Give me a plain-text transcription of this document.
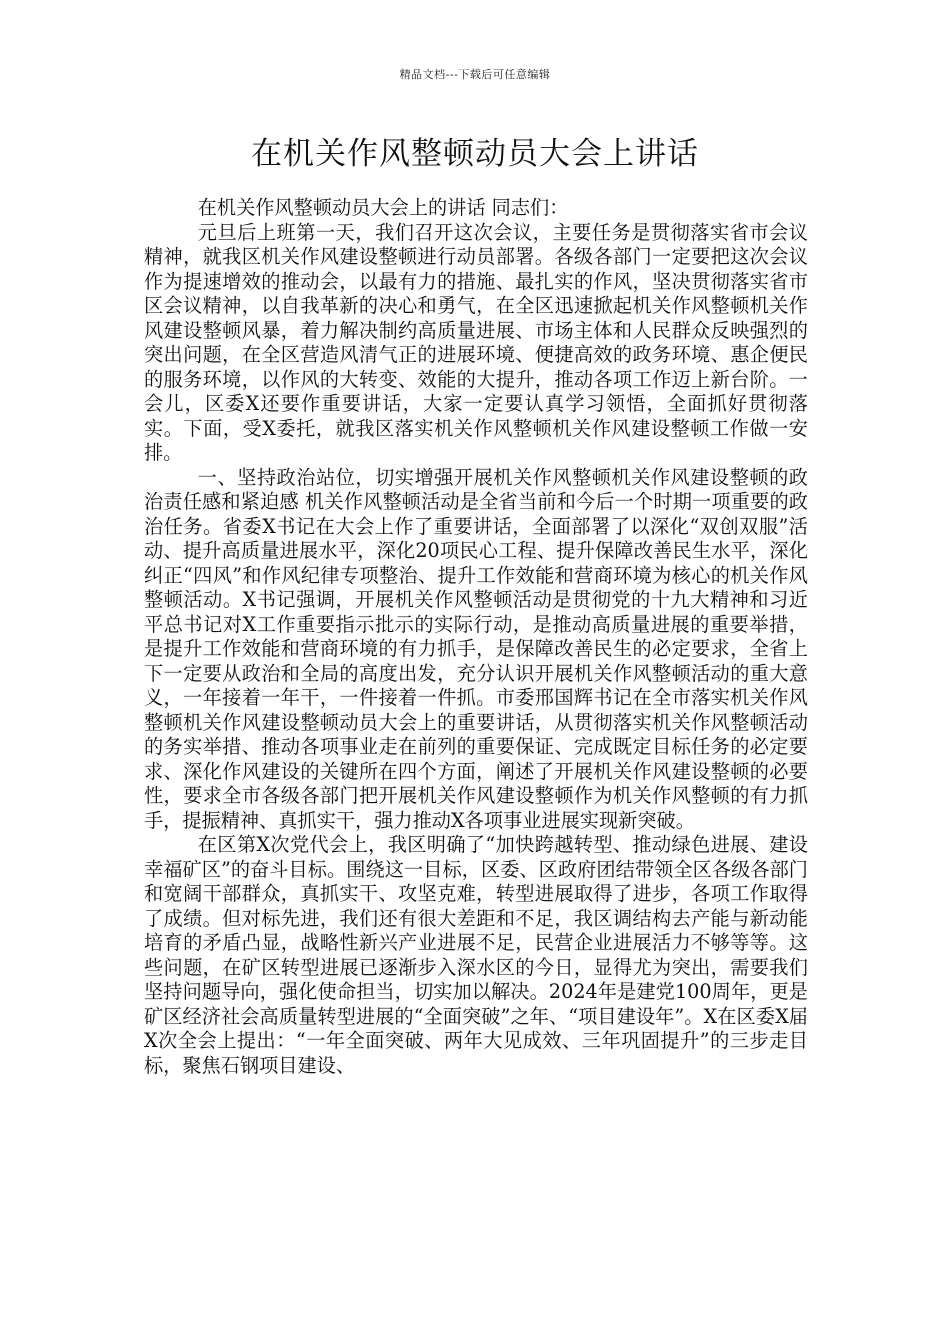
精品文档---下载后可任意编辑
在机关作风整顿动员大会上讲话

在机关作风整顿动员大会上的讲话 同志们：

元旦后上班第一天，我们召开这次会议，主要任务是贯彻落实省市会议精神，就我区机关作风建设整顿进行动员部署。各级各部门一定要把这次会议作为提速增效的推动会，以最有力的措施、最扎实的作风，坚决贯彻落实省市区会议精神，以自我革新的决心和勇气，在全区迅速掀起机关作风整顿机关作风建设整顿风暴，着力解决制约高质量进展、市场主体和人民群众反映强烈的突出问题，在全区营造风清气正的进展环境、便捷高效的政务环境、惠企便民的服务环境，以作风的大转变、效能的大提升，推动各项工作迈上新台阶。一会儿，区委X还要作重要讲话，大家一定要认真学习领悟，全面抓好贯彻落实。下面，受X委托，就我区落实机关作风整顿机关作风建设整顿工作做一安排。

一、坚持政治站位，切实增强开展机关作风整顿机关作风建设整顿的政治责任感和紧迫感 机关作风整顿活动是全省当前和今后一个时期一项重要的政治任务。省委X书记在大会上作了重要讲话，全面部署了以深化“双创双服”活动、提升高质量进展水平，深化20项民心工程、提升保障改善民生水平，深化纠正“四风”和作风纪律专项整治、提升工作效能和营商环境为核心的机关作风整顿活动。X书记强调，开展机关作风整顿活动是贯彻党的十九大精神和习近平总书记对X工作重要指示批示的实际行动，是推动高质量进展的重要举措，是提升工作效能和营商环境的有力抓手，是保障改善民生的必定要求，全省上下一定要从政治和全局的高度出发，充分认识开展机关作风整顿活动的重大意义，一年接着一年干，一件接着一件抓。市委邢国辉书记在全市落实机关作风整顿机关作风建设整顿动员大会上的重要讲话，从贯彻落实机关作风整顿活动的务实举措、推动各项事业走在前列的重要保证、完成既定目标任务的必定要求、深化作风建设的关键所在四个方面，阐述了开展机关作风建设整顿的必要性，要求全市各级各部门把开展机关作风建设整顿作为机关作风整顿的有力抓手，提振精神、真抓实干，强力推动X各项事业进展实现新突破。

在区第X次党代会上，我区明确了“加快跨越转型、推动绿色进展、建设幸福矿区”的奋斗目标。围绕这一目标，区委、区政府团结带领全区各级各部门和宽阔干部群众，真抓实干、攻坚克难，转型进展取得了进步，各项工作取得了成绩。但对标先进，我们还有很大差距和不足，我区调结构去产能与新动能培育的矛盾凸显，战略性新兴产业进展不足，民营企业进展活力不够等等。这些问题，在矿区转型进展已逐渐步入深水区的今日，显得尤为突出，需要我们坚持问题导向，强化使命担当，切实加以解决。2024年是建党100周年，更是矿区经济社会高质量转型进展的“全面突破”之年、“项目建设年”。X在区委X届X次全会上提出：“一年全面突破、两年大见成效、三年巩固提升”的三步走目标，聚焦石钢项目建设、
